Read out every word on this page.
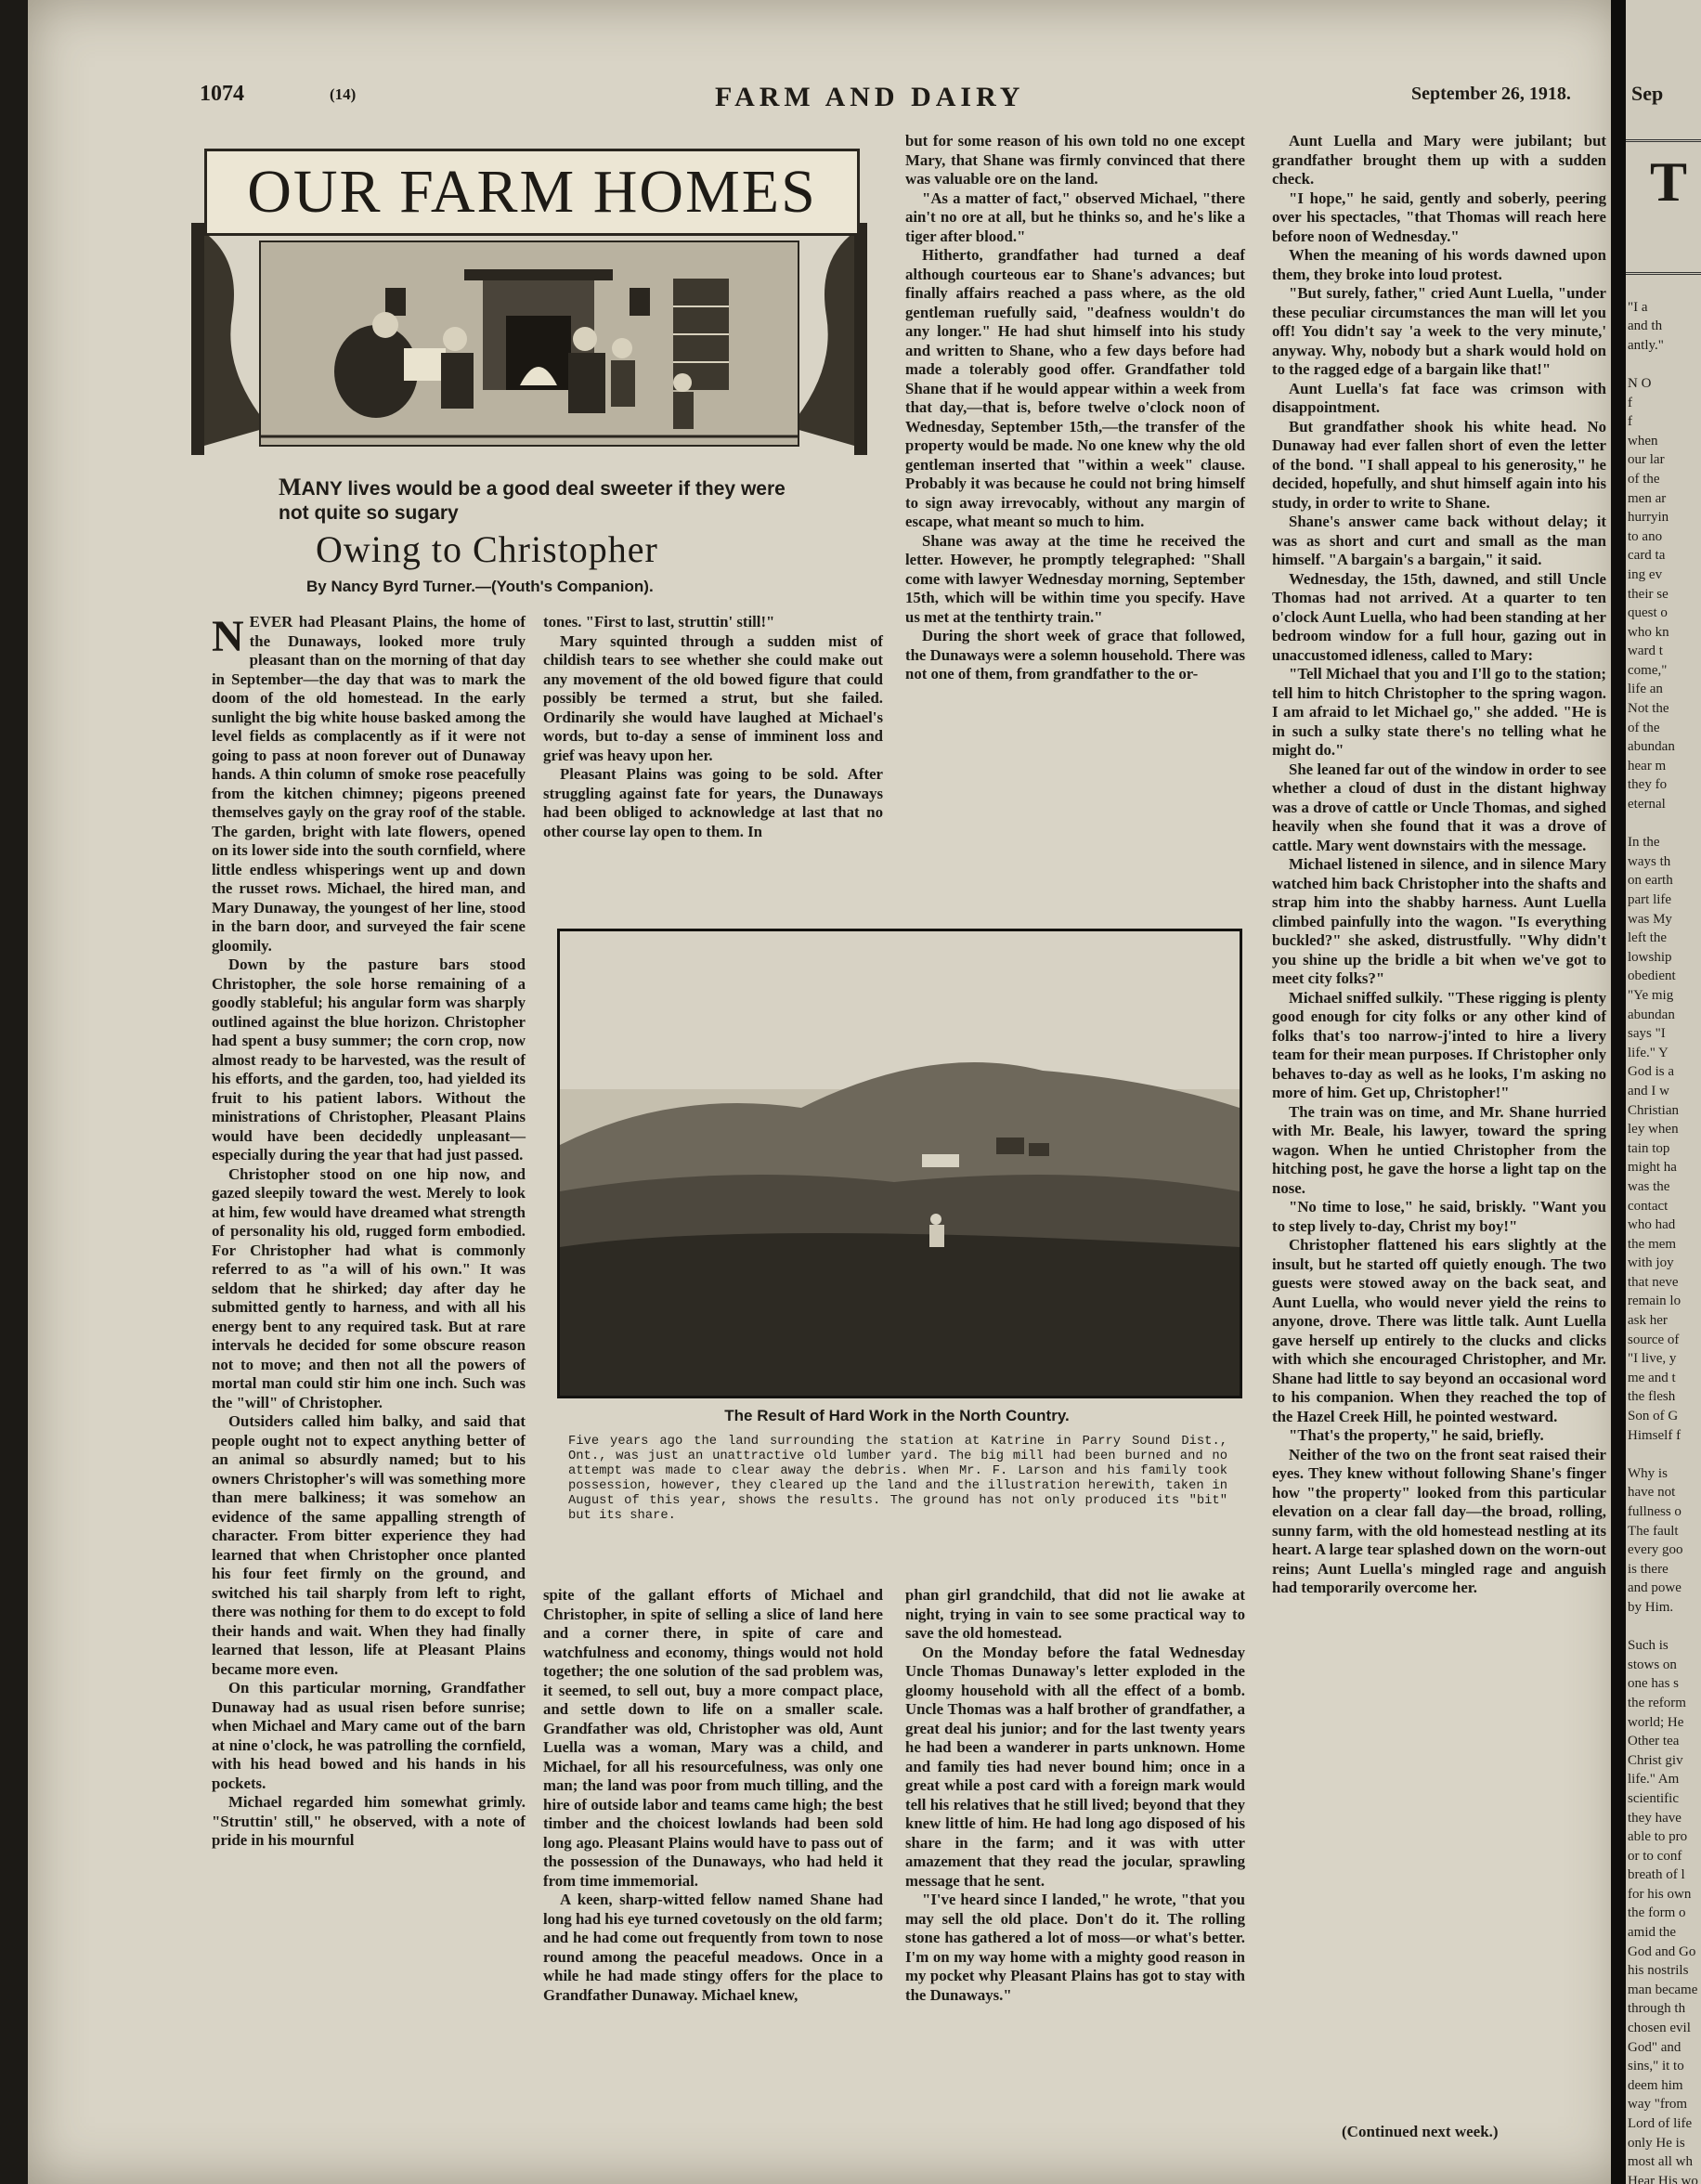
Sep
T
"I a
and th
antly."
N O
f
f
when
our lar
of the
men ar
hurryin
to ano
card ta
ing ev
their se
quest o
who kn
ward t
come,"
life an
Not the
of the
abundan
hear m
they fo
eternal
In the
ways th
on earth
part life
was My
left the
lowship
obedient
"Ye mig
abundan
says "I
life." Y
God is a
and I w
Christian
ley when
tain top
might ha
was the
contact
who had
the mem
with joy
that neve
remain lo
ask her
source of
"I live, y
me and t
the flesh
Son of G
Himself f
Why is
have not
fullness o
The fault
every goo
is there
and powe
by Him.
Such is
stows on
one has s
the reform
world; He
Other tea
Christ giv
life." Am
scientific
they have
able to pro
or to conf
breath of l
for his own
the form o
amid the
God and Go
his nostrils
man became
through th
chosen evil
God" and
sins," it to
deem him
way "from
Lord of life
only He is
most all wh
Hear His wo
1074	(14)	FARM AND DAIRY	September 26, 1918.
OUR FARM HOMES
MANY lives would be a good deal sweeter if they were not quite so sugary
Owing to Christopher
By Nancy Byrd Turner.—(Youth's Companion).
N EVER had Pleasant Plains, the home of the Dunaways, looked more truly pleasant than on the morning of that day in September—the day that was to mark the doom of the old homestead. In the early sunlight the big white house basked among the level fields as complacently as if it were not going to pass at noon forever out of Dunaway hands. A thin column of smoke rose peacefully from the kitchen chimney; pigeons preened themselves gayly on the gray roof of the stable. The garden, bright with late flowers, opened on its lower side into the south cornfield, where little endless whisperings went up and down the russet rows. Michael, the hired man, and Mary Dunaway, the youngest of her line, stood in the barn door, and surveyed the fair scene gloomily.

Down by the pasture bars stood Christopher, the sole horse remaining of a goodly stableful; his angular form was sharply outlined against the blue horizon. Christopher had spent a busy summer; the corn crop, now almost ready to be harvested, was the result of his efforts, and the garden, too, had yielded its fruit to his patient labors. Without the ministrations of Christopher, Pleasant Plains would have been decidedly unpleasant—especially during the year that had just passed.

Christopher stood on one hip now, and gazed sleepily toward the west. Merely to look at him, few would have dreamed what strength of personality his old, rugged form embodied. For Christopher had what is commonly referred to as "a will of his own." It was seldom that he shirked; day after day he submitted gently to harness, and with all his energy bent to any required task. But at rare intervals he decided for some obscure reason not to move; and then not all the powers of mortal man could stir him one inch. Such was the "will" of Christopher.

Outsiders called him balky, and said that people ought not to expect anything better of an animal so absurdly named; but to his owners Christopher's will was something more than mere balkiness; it was somehow an evidence of the same appalling strength of character. From bitter experience they had learned that when Christopher once planted his four feet firmly on the ground, and switched his tail sharply from left to right, there was nothing for them to do except to fold their hands and wait. When they had finally learned that lesson, life at Pleasant Plains became more even.

On this particular morning, Grandfather Dunaway had as usual risen before sunrise; when Michael and Mary came out of the barn at nine o'clock, he was patrolling the cornfield, with his head bowed and his hands in his pockets.

Michael regarded him somewhat grimly. "Struttin' still," he observed, with a note of pride in his mournful

tones. "First to last, struttin' still!"

Mary squinted through a sudden mist of childish tears to see whether she could make out any movement of the old bowed figure that could possibly be termed a strut, but she failed. Ordinarily she would have laughed at Michael's words, but to-day a sense of imminent loss and grief was heavy upon her.

Pleasant Plains was going to be sold. After struggling against fate for years, the Dunaways had been obliged to acknowledge at last that no other course lay open to them. In

but for some reason of his own told no one except Mary, that Shane was firmly convinced that there was valuable ore on the land.

"As a matter of fact," observed Michael, "there ain't no ore at all, but he thinks so, and he's like a tiger after blood."

Hitherto, grandfather had turned a deaf although courteous ear to Shane's advances; but finally affairs reached a pass where, as the old gentleman ruefully said, "deafness wouldn't do any longer." He had shut himself into his study and written to Shane, who a few days before had made a tolerably good offer. Grandfather told Shane that if he would appear within a week from that day,—that is, before twelve o'clock noon of Wednesday, September 15th,—the transfer of the property would be made. No one knew why the old gentleman inserted that "within a week" clause. Probably it was because he could not bring himself to sign away irrevocably, without any margin of escape, what meant so much to him.

Shane was away at the time he received the letter. However, he promptly telegraphed: "Shall come with lawyer Wednesday morning, September 15th, which will be within time you specify. Have us met at the tenthirty train."

During the short week of grace that followed, the Dunaways were a solemn household. There was not one of them, from grandfather to the or-

The Result of Hard Work in the North Country.
Five years ago the land surrounding the station at Katrine in Parry Sound Dist., Ont., was just an unattractive old lumber yard. The big mill had been burned and no attempt was made to clear away the debris. When Mr. F. Larson and his family took possession, however, they cleared up the land and the illustration herewith, taken in August of this year, shows the results. The ground has not only produced its "bit" but its share.

spite of the gallant efforts of Michael and Christopher, in spite of selling a slice of land here and a corner there, in spite of care and watchfulness and economy, things would not hold together; the one solution of the sad problem was, it seemed, to sell out, buy a more compact place, and settle down to life on a smaller scale. Grandfather was old, Christopher was old, Aunt Luella was a woman, Mary was a child, and Michael, for all his resourcefulness, was only one man; the land was poor from much tilling, and the hire of outside labor and teams came high; the best timber and the choicest lowlands had been sold long ago. Pleasant Plains would have to pass out of the possession of the Dunaways, who had held it from time immemorial.

A keen, sharp-witted fellow named Shane had long had his eye turned covetously on the old farm; and he had come out frequently from town to nose round among the peaceful meadows. Once in a while he had made stingy offers for the place to Grandfather Dunaway. Michael knew,

phan girl grandchild, that did not lie awake at night, trying in vain to see some practical way to save the old homestead.

On the Monday before the fatal Wednesday Uncle Thomas Dunaway's letter exploded in the gloomy household with all the effect of a bomb. Uncle Thomas was a half brother of grandfather, a great deal his junior; and for the last twenty years he had been a wanderer in parts unknown. Home and family ties had never bound him; once in a great while a post card with a foreign mark would tell his relatives that he still lived; beyond that they knew little of him. He had long ago disposed of his share in the farm; and it was with utter amazement that they read the jocular, sprawling message that he sent.

"I've heard since I landed," he wrote, "that you may sell the old place. Don't do it. The rolling stone has gathered a lot of moss—or what's better. I'm on my way home with a mighty good reason in my pocket why Pleasant Plains has got to stay with the Dunaways."

Aunt Luella and Mary were jubilant; but grandfather brought them up with a sudden check.

"I hope," he said, gently and soberly, peering over his spectacles, "that Thomas will reach here before noon of Wednesday."

When the meaning of his words dawned upon them, they broke into loud protest.

"But surely, father," cried Aunt Luella, "under these peculiar circumstances the man will let you off! You didn't say 'a week to the very minute,' anyway. Why, nobody but a shark would hold on to the ragged edge of a bargain like that!"

Aunt Luella's fat face was crimson with disappointment.

But grandfather shook his white head. No Dunaway had ever fallen short of even the letter of the bond. "I shall appeal to his generosity," he decided, hopefully, and shut himself again into his study, in order to write to Shane.

Shane's answer came back without delay; it was as short and curt and small as the man himself. "A bargain's a bargain," it said.

Wednesday, the 15th, dawned, and still Uncle Thomas had not arrived. At a quarter to ten o'clock Aunt Luella, who had been standing at her bedroom window for a full hour, gazing out in unaccustomed idleness, called to Mary:

"Tell Michael that you and I'll go to the station; tell him to hitch Christopher to the spring wagon. I am afraid to let Michael go," she added. "He is in such a sulky state there's no telling what he might do."

She leaned far out of the window in order to see whether a cloud of dust in the distant highway was a drove of cattle or Uncle Thomas, and sighed heavily when she found that it was a drove of cattle. Mary went downstairs with the message.

Michael listened in silence, and in silence Mary watched him back Christopher into the shafts and strap him into the shabby harness. Aunt Luella climbed painfully into the wagon. "Is everything buckled?" she asked, distrustfully. "Why didn't you shine up the bridle a bit when we've got to meet city folks?"

Michael sniffed sulkily. "These rigging is plenty good enough for city folks or any other kind of folks that's too narrow-j'inted to hire a livery team for their mean purposes. If Christopher only behaves to-day as well as he looks, I'm asking no more of him. Get up, Christopher!"

The train was on time, and Mr. Shane hurried with Mr. Beale, his lawyer, toward the spring wagon. When he untied Christopher from the hitching post, he gave the horse a light tap on the nose.

"No time to lose," he said, briskly. "Want you to step lively to-day, Christ my boy!"

Christopher flattened his ears slightly at the insult, but he started off quietly enough. The two guests were stowed away on the back seat, and Aunt Luella, who would never yield the reins to anyone, drove. There was little talk. Aunt Luella gave herself up entirely to the clucks and clicks with which she encouraged Christopher, and Mr. Shane had little to say beyond an occasional word to his companion. When they reached the top of the Hazel Creek Hill, he pointed westward.

"That's the property," he said, briefly.

Neither of the two on the front seat raised their eyes. They knew without following Shane's finger how "the property" looked from this particular elevation on a clear fall day—the broad, rolling, sunny farm, with the old homestead nestling at its heart. A large tear splashed down on the worn-out reins; Aunt Luella's mingled rage and anguish had temporarily overcome her.

(Continued next week.)
